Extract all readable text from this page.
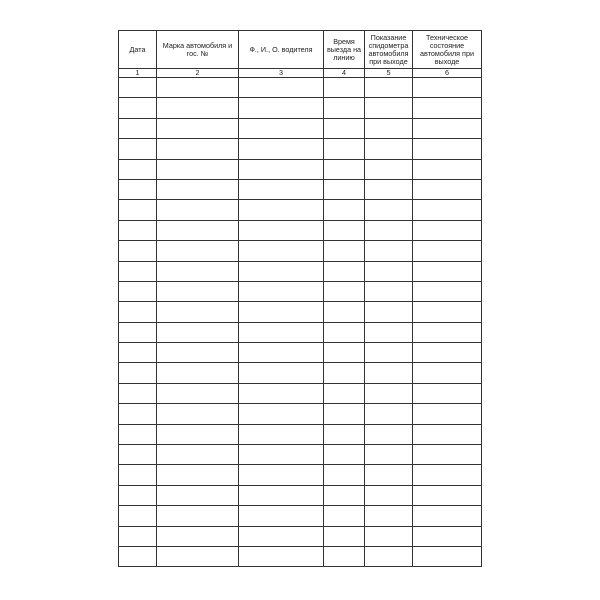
Дата	Марка автомобиля и гос. №	Ф., И., О. водителя	Время выезда на линию	Показание спидометра автомобиля при выходе	Техническое состояние автомобиля при выходе
1	2	3	4	5	6
